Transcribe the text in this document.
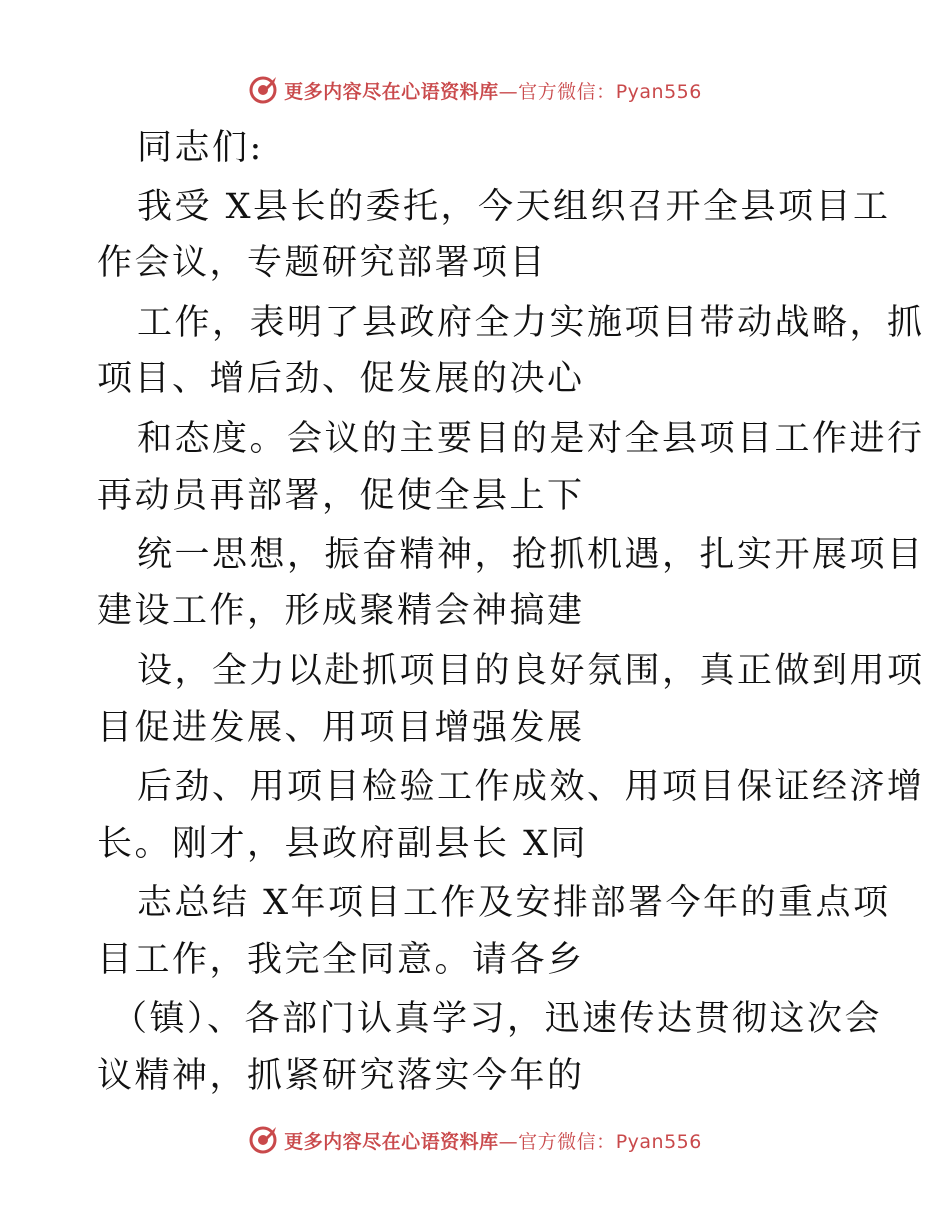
更多内容尽在心语资料库—官方微信：Pyan556
同志们:
我受 X县长的委托，今天组织召开全县项目工
作会议，专题研究部署项目
工作，表明了县政府全力实施项目带动战略，抓
项目、增后劲、促发展的决心
和态度。会议的主要目的是对全县项目工作进行
再动员再部署，促使全县上下
统一思想，振奋精神，抢抓机遇，扎实开展项目
建设工作，形成聚精会神搞建
设，全力以赴抓项目的良好氛围，真正做到用项
目促进发展、用项目增强发展
后劲、用项目检验工作成效、用项目保证经济增
长。刚才，县政府副县长 X同
志总结 X年项目工作及安排部署今年的重点项
目工作，我完全同意。请各乡
（镇）、各部门认真学习，迅速传达贯彻这次会
议精神，抓紧研究落实今年的
更多内容尽在心语资料库—官方微信：Pyan556
